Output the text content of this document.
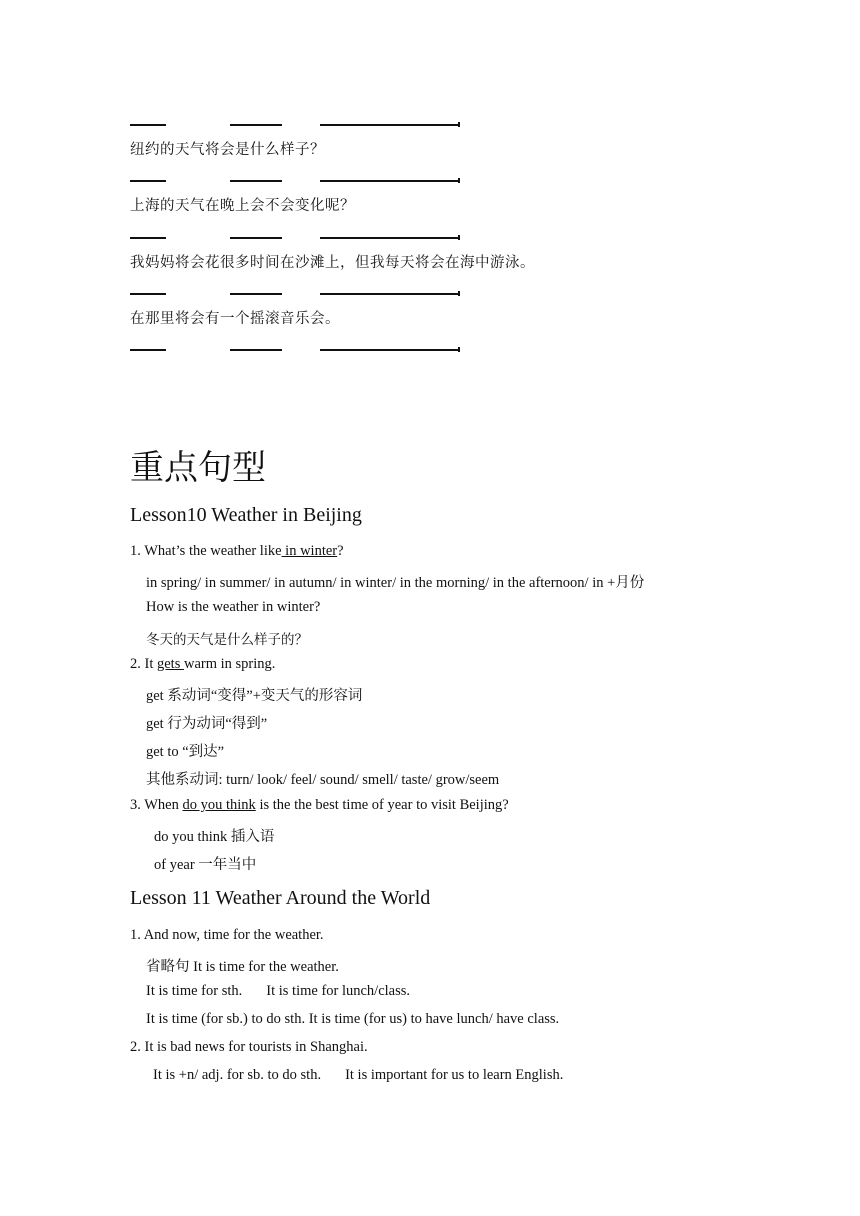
纽约的天气将会是什么样子？
上海的天气在晚上会不会变化呢？
我妈妈将会花很多时间在沙滩上，但我每天将会在海中游泳。
在那里将会有一个摇滚音乐会。
重点句型
Lesson10 Weather in Beijing
1. What’s the weather like in winter?
in spring/ in summer/ in autumn/ in winter/ in the morning/ in the afternoon/ in +月份
How is the weather in winter?
冬天的天气是什么样子的？
2. It gets warm in spring.
get 系动词“变得”+变天气的形容词
get 行为动词“得到”
get to “到达”
其他系动词: turn/ look/ feel/ sound/ smell/ taste/ grow/seem
3. When do you think is the the best time of year to visit Beijing?
do you think 插入语
of year 一年当中
Lesson 11 Weather Around the World
1. And now, time for the weather.
省略句 It is time for the weather.
It is time for sth. It is time for lunch/class.
It is time (for sb.) to do sth. It is time (for us) to have lunch/ have class.
2. It is bad news for tourists in Shanghai.
It is +n/ adj. for sb. to do sth. It is important for us to learn English.
